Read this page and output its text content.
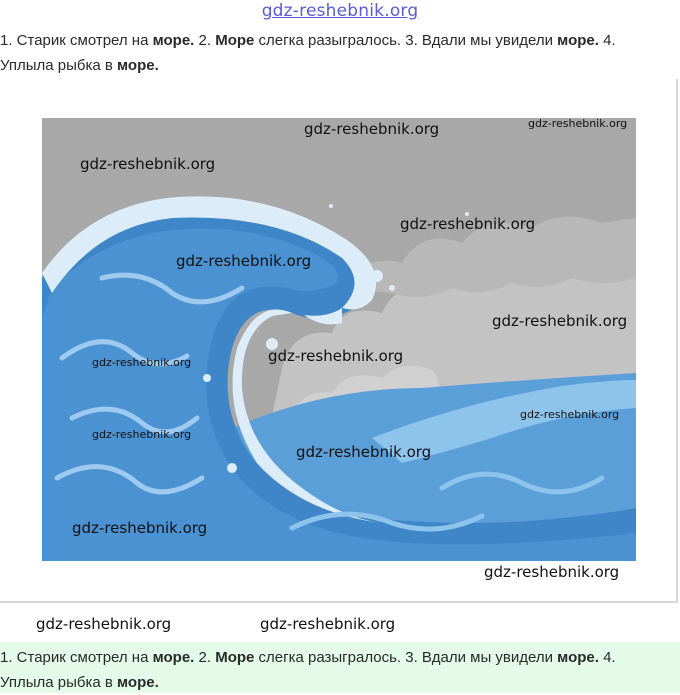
gdz-reshebnik.org
1. Старик смотрел на море. 2. Море слегка разыгралось. 3. Вдали мы увидели море. 4. Уплыла рыбка в море.
gdz-reshebnik.org	gdz-reshebnik.org
gdz-reshebnik.org
gdz-reshebnik.org
gdz-reshebnik.org
gdz-reshebnik.org
gdz-reshebnik.org
gdz-reshebnik.org
gdz-reshebnik.org
gdz-reshebnik.org
gdz-reshebnik.org
gdz-reshebnik.org
gdz-reshebnik.org
gdz-reshebnik.org	gdz-reshebnik.org
1. Старик смотрел на море. 2. Море слегка разыгралось. 3. Вдали мы увидели море. 4. Уплыла рыбка в море.
